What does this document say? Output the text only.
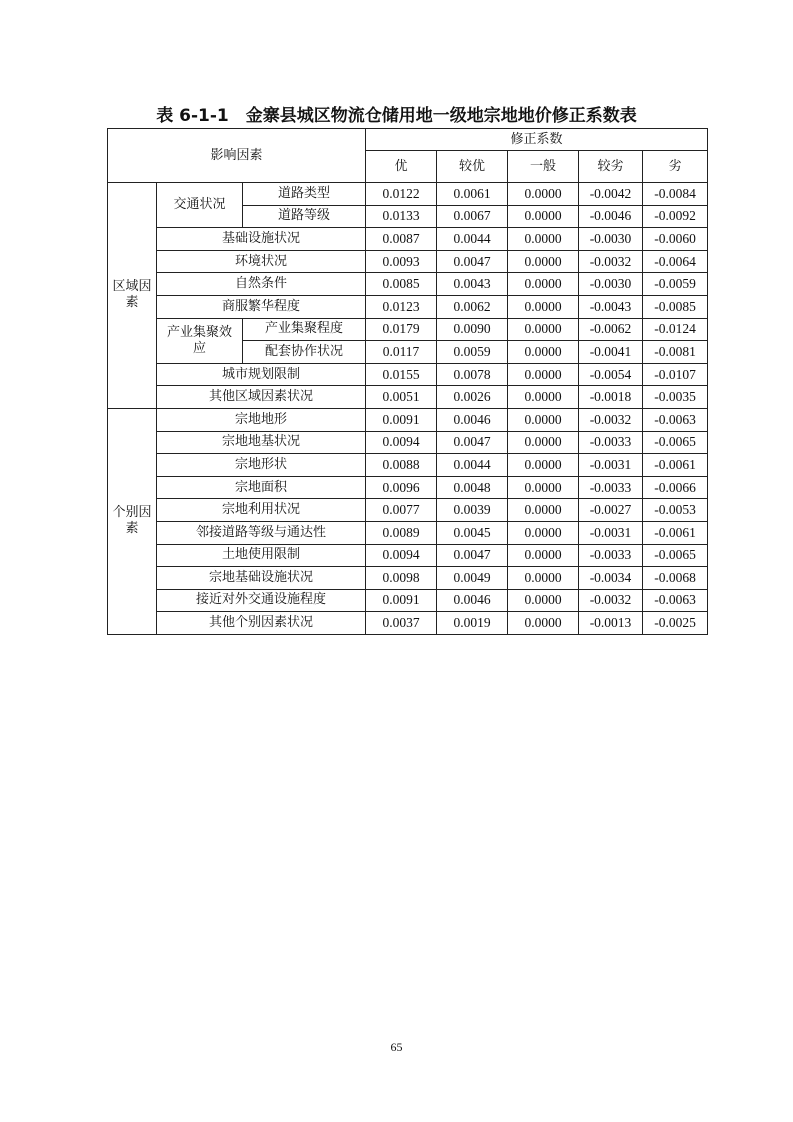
表 6-1-1　金寨县城区物流仓储用地一级地宗地地价修正系数表
影响因素			修正系数				
			优	较优	一般	较劣	劣
区域因素	交通状况	道路类型	0.0122	0.0061	0.0000	-0.0042	-0.0084
		道路等级	0.0133	0.0067	0.0000	-0.0046	-0.0092
	基础设施状况		0.0087	0.0044	0.0000	-0.0030	-0.0060
	环境状况		0.0093	0.0047	0.0000	-0.0032	-0.0064
	自然条件		0.0085	0.0043	0.0000	-0.0030	-0.0059
	商服繁华程度		0.0123	0.0062	0.0000	-0.0043	-0.0085
	产业集聚效应	产业集聚程度	0.0179	0.0090	0.0000	-0.0062	-0.0124
		配套协作状况	0.0117	0.0059	0.0000	-0.0041	-0.0081
	城市规划限制		0.0155	0.0078	0.0000	-0.0054	-0.0107
	其他区域因素状况		0.0051	0.0026	0.0000	-0.0018	-0.0035
个别因素	宗地地形		0.0091	0.0046	0.0000	-0.0032	-0.0063
	宗地地基状况		0.0094	0.0047	0.0000	-0.0033	-0.0065
	宗地形状		0.0088	0.0044	0.0000	-0.0031	-0.0061
	宗地面积		0.0096	0.0048	0.0000	-0.0033	-0.0066
	宗地利用状况		0.0077	0.0039	0.0000	-0.0027	-0.0053
	邻接道路等级与通达性		0.0089	0.0045	0.0000	-0.0031	-0.0061
	土地使用限制		0.0094	0.0047	0.0000	-0.0033	-0.0065
	宗地基础设施状况		0.0098	0.0049	0.0000	-0.0034	-0.0068
	接近对外交通设施程度		0.0091	0.0046	0.0000	-0.0032	-0.0063
	其他个别因素状况		0.0037	0.0019	0.0000	-0.0013	-0.0025
65
